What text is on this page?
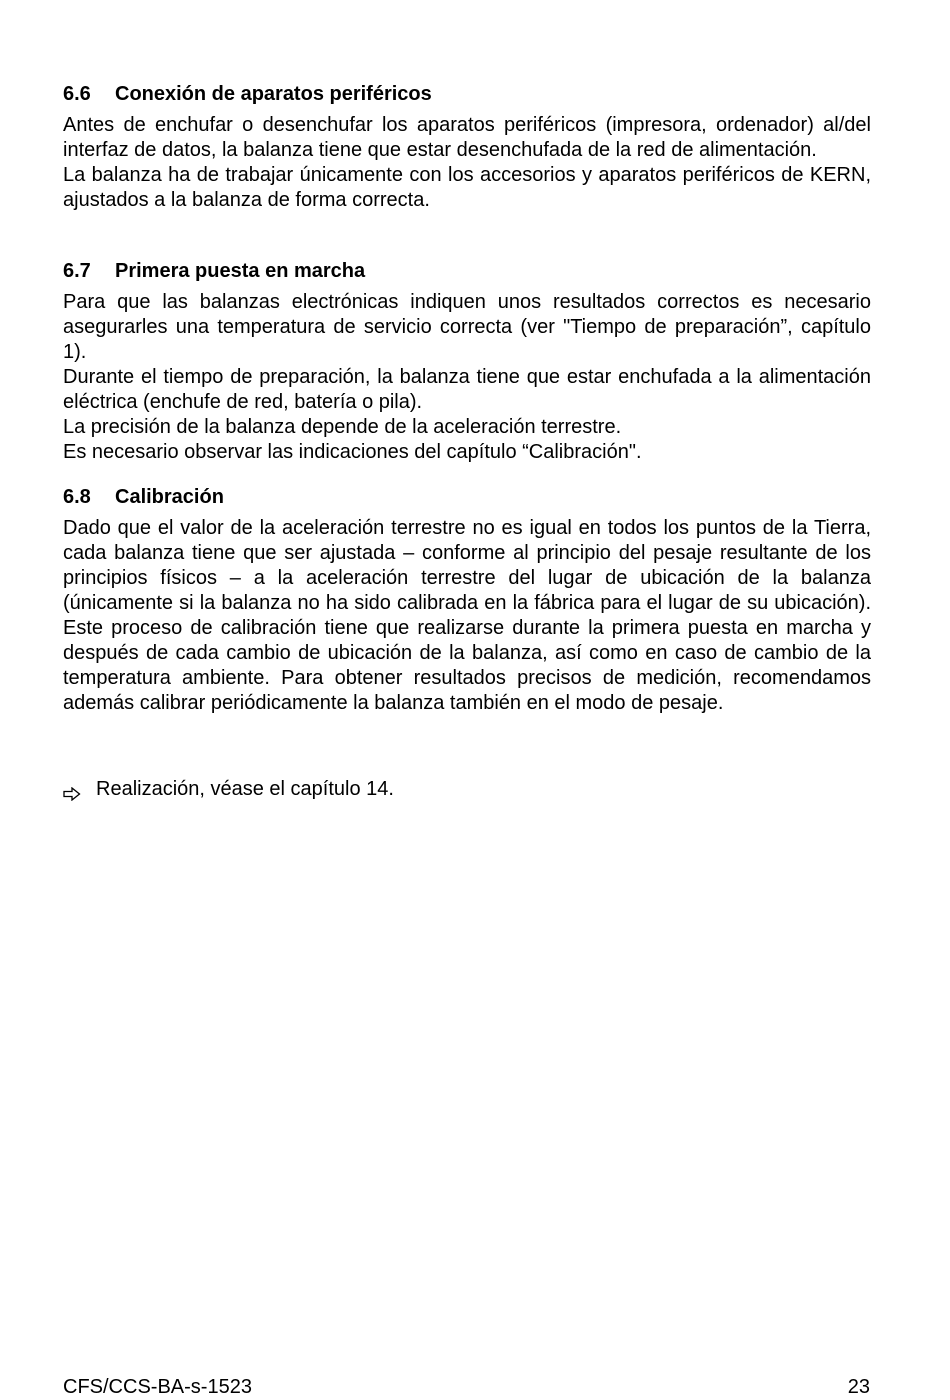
6.6	Conexión de aparatos periféricos

Antes de enchufar o desenchufar los aparatos periféricos (impresora, ordenador) al/del interfaz de datos, la balanza tiene que estar desenchufada de la red de alimentación.

La balanza ha de trabajar únicamente con los accesorios y aparatos periféricos de KERN, ajustados a la balanza de forma correcta.

6.7	Primera puesta en marcha

Para que las balanzas electrónicas indiquen unos resultados correctos es necesario asegurarles una temperatura de servicio correcta (ver "Tiempo de preparación”, capítulo 1).

Durante el tiempo de preparación, la balanza tiene que estar enchufada a la alimentación eléctrica (enchufe de red, batería o pila).

La precisión de la balanza depende de la aceleración terrestre.

Es necesario observar las indicaciones del capítulo “Calibración".

6.8	Calibración

Dado que el valor de la aceleración terrestre no es igual en todos los puntos de la Tierra, cada balanza tiene que ser ajustada – conforme al principio del pesaje resultante de los principios físicos – a la aceleración terrestre del lugar de ubicación de la balanza (únicamente si la balanza no ha sido calibrada en la fábrica para el lugar de su ubicación). Este proceso de calibración tiene que realizarse durante la primera puesta en marcha y después de cada cambio de ubicación de la balanza, así como en caso de cambio de la temperatura ambiente. Para obtener resultados precisos de medición, recomendamos además calibrar periódicamente la balanza también en el modo de pesaje.

Realización, véase el capítulo 14.
CFS/CCS-BA-s-1523	23
